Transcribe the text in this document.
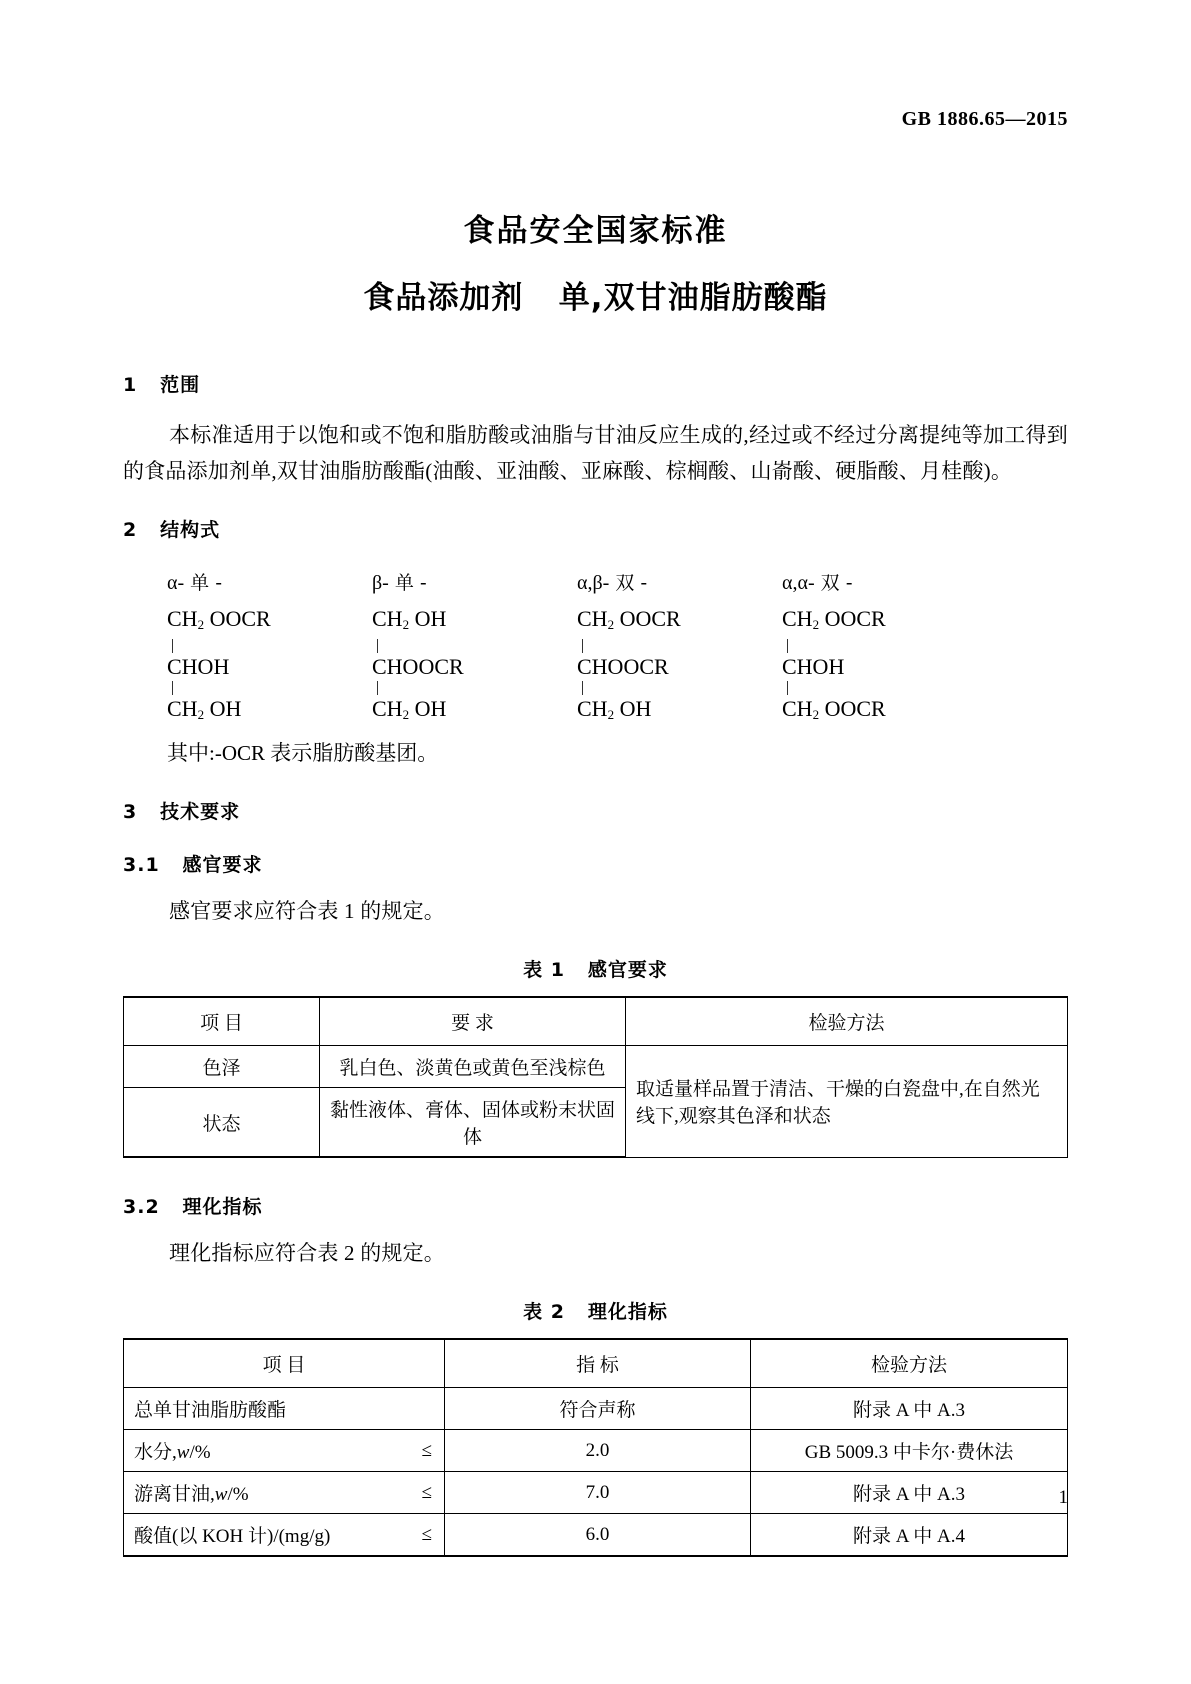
GB 1886.65—2015
食品安全国家标准
食品添加剂   单,双甘油脂肪酸酯
1   范围
本标准适用于以饱和或不饱和脂肪酸或油脂与甘油反应生成的,经过或不经过分离提纯等加工得到的食品添加剂单,双甘油脂肪酸酯(油酸、亚油酸、亚麻酸、棕榈酸、山嵛酸、硬脂酸、月桂酸)。
2   结构式
α- 单 -
$CH_2$ OOCR
CHOH
$CH_2$ OH
β- 单 -
$CH_2$ OH
CHOOCR
$CH_2$ OH
α,β- 双 -
$CH_2$ OOCR
CHOOCR
$CH_2$ OH
α,α- 双 -
$CH_2$ OOCR
CHOH
$CH_2$ OOCR
其中:-OCR 表示脂肪酸基团。
3   技术要求
3.1   感官要求
感官要求应符合表 1 的规定。
表 1   感官要求
项 目	要 求	检验方法
色泽	乳白色、淡黄色或黄色至浅棕色	取适量样品置于清洁、干燥的白瓷盘中,在自然光线下,观察其色泽和状态
状态	黏性液体、膏体、固体或粉末状固体	
3.2   理化指标
理化指标应符合表 2 的规定。
表 2   理化指标
项 目	指 标	检验方法
总单甘油脂肪酸酯	符合声称	附录 A 中 A.3
水分,w/% ≤	2.0	GB 5009.3 中卡尔·费休法
游离甘油,w/% ≤	7.0	附录 A 中 A.3
酸值(以 KOH 计)/(mg/g) ≤	6.0	附录 A 中 A.4
1
